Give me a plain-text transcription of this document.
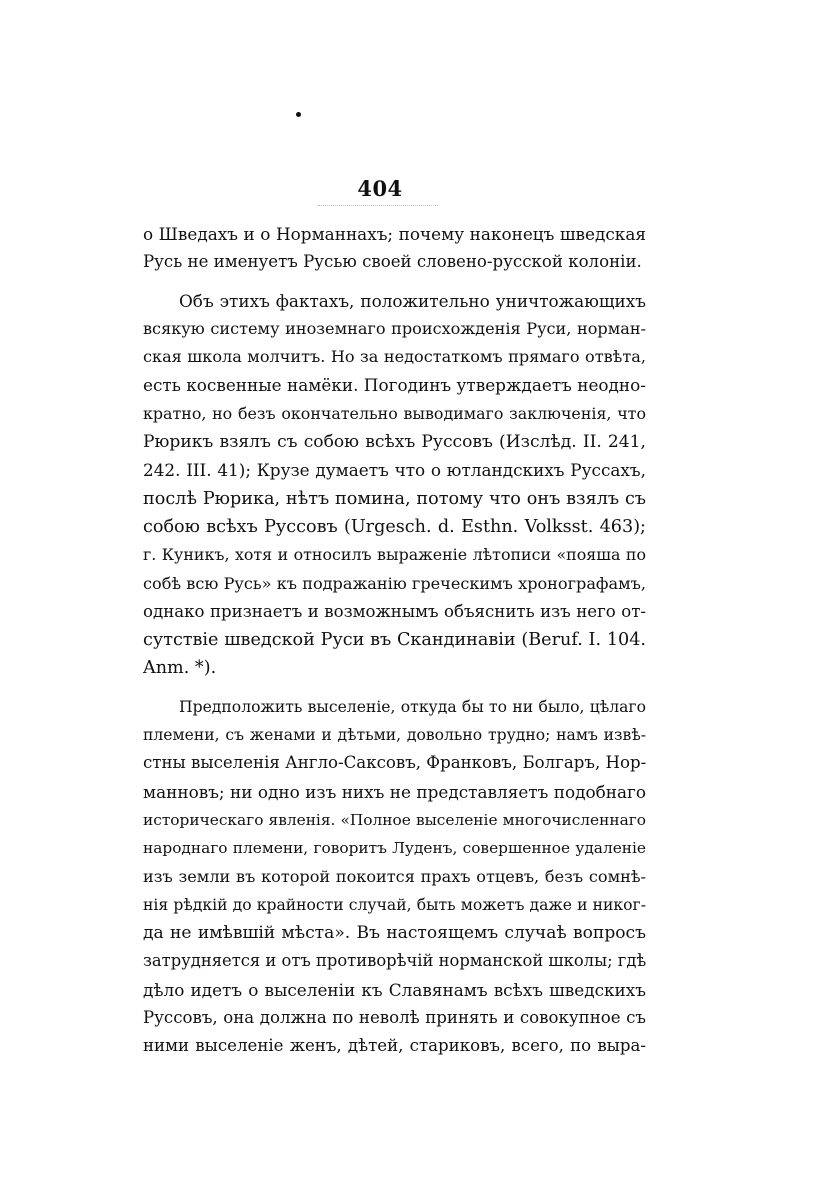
404
о Шведахъ и о Норманнахъ; почему наконецъ шведская
Русь не именуетъ Русью своей словено-русской колоніи.
Объ этихъ фактахъ, положительно уничтожающихъ
всякую систему иноземнаго происхожденія Руси, норман-
ская школа молчитъ. Но за недостаткомъ прямаго отвѣта,
есть косвенные намёки. Погодинъ утверждаетъ неодно-
кратно, но безъ окончательно выводимаго заключенія, что
Рюрикъ взялъ съ собою всѣхъ Руссовъ (Изслѣд. II. 241,
242. III. 41); Крузе думаетъ что о ютландскихъ Руссахъ,
послѣ Рюрика, нѣтъ помина, потому что онъ взялъ съ
собою всѣхъ Руссовъ (Urgesch. d. Esthn. Volksst. 463);
г. Куникъ, хотя и относилъ выраженіе лѣтописи «пояша по
собѣ всю Русь» къ подражанію греческимъ хронографамъ,
однако признаетъ и возможнымъ объяснить изъ него от-
сутствіе шведской Руси въ Скандинавіи (Beruf. I. 104.
Anm. *).
Предположить выселеніе, откуда бы то ни было, цѣлаго
племени, съ женами и дѣтьми, довольно трудно; намъ извѣ-
стны выселенія Англо-Саксовъ, Франковъ, Болгаръ, Нор-
манновъ; ни одно изъ нихъ не представляетъ подобнаго
историческаго явленія. «Полное выселеніе многочисленнаго
народнаго племени, говоритъ Луденъ, совершенное удаленіе
изъ земли въ которой покоится прахъ отцевъ, безъ сомнѣ-
нія рѣдкій до крайности случай, быть можетъ даже и никог-
да не имѣвшій мѣста». Въ настоящемъ случаѣ вопросъ
затрудняется и отъ противорѣчій норманской школы; гдѣ
дѣло идетъ о выселеніи къ Славянамъ всѣхъ шведскихъ
Руссовъ, она должна по неволѣ принять и совокупное съ
ними выселеніе женъ, дѣтей, стариковъ, всего, по выра-
